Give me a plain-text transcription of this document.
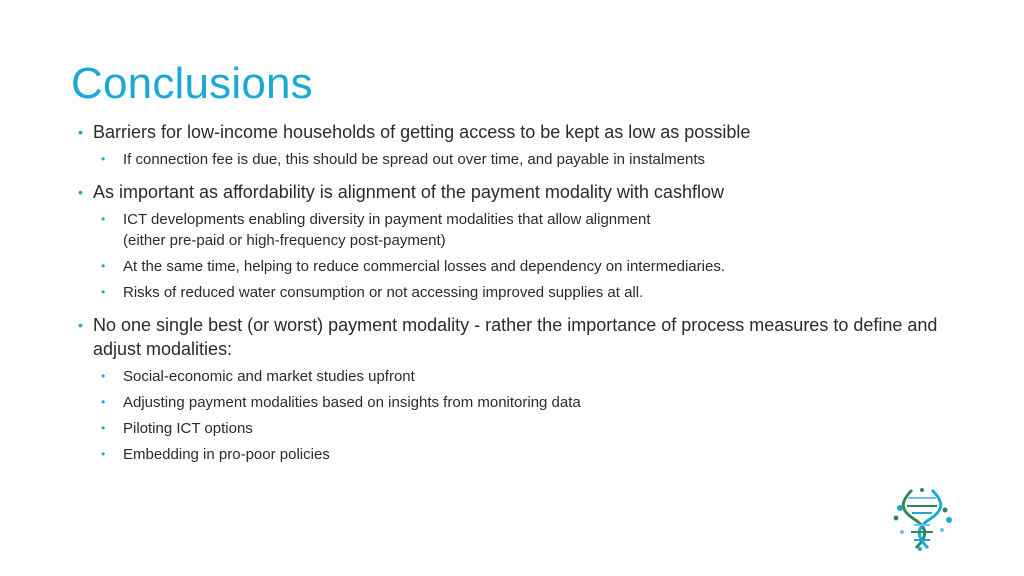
Conclusions
• Barriers for low-income households of getting access to be kept as low as possible
• If connection fee is due, this should be spread out over time, and payable in instalments
• As important as affordability is alignment of the payment modality with cashflow
• ICT developments enabling diversity in payment modalities that allow alignment
(either pre-paid or high-frequency post-payment)
• At the same time, helping to reduce commercial losses and dependency on intermediaries.
• Risks of reduced water consumption or not accessing improved supplies at all.
• No one single best (or worst) payment modality - rather the importance of process measures to define and adjust modalities:
• Social-economic and market studies upfront
• Adjusting payment modalities based on insights from monitoring data
• Piloting ICT options
• Embedding in pro-poor policies
